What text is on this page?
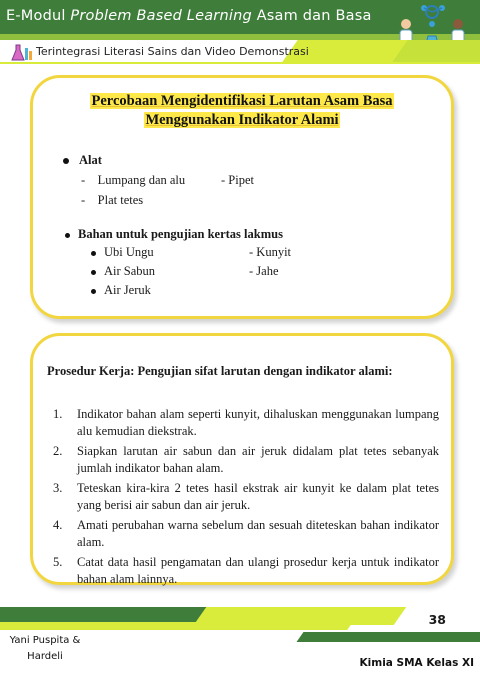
E-Modul Problem Based Learning Asam dan Basa
Terintegrasi Literasi Sains dan Video Demonstrasi
Percobaan Mengidentifikasi Larutan Asam Basa
Menggunakan Indikator Alami
Alat
-    Lumpang dan alu	- Pipet
-    Plat tetes
Bahan untuk pengujian kertas lakmus
Ubi Ungu
Air Sabun
Air Jeruk
- Kunyit
- Jahe
Prosedur Kerja: Pengujian sifat larutan dengan indikator alami:
1. Indikator bahan alam seperti kunyit, dihaluskan menggunakan lumpang alu kemudian diekstrak.
2. Siapkan larutan air sabun dan air jeruk didalam plat tetes sebanyak jumlah indikator bahan alam.
3. Teteskan kira-kira 2 tetes hasil ekstrak air kunyit ke dalam plat tetes yang berisi air sabun dan air jeruk.
4. Amati perubahan warna sebelum dan sesuah diteteskan bahan indikator alam.
5. Catat data hasil pengamatan dan ulangi prosedur kerja untuk indikator bahan alam lainnya.
38
Yani Puspita &
Hardeli
Kimia SMA Kelas XI
